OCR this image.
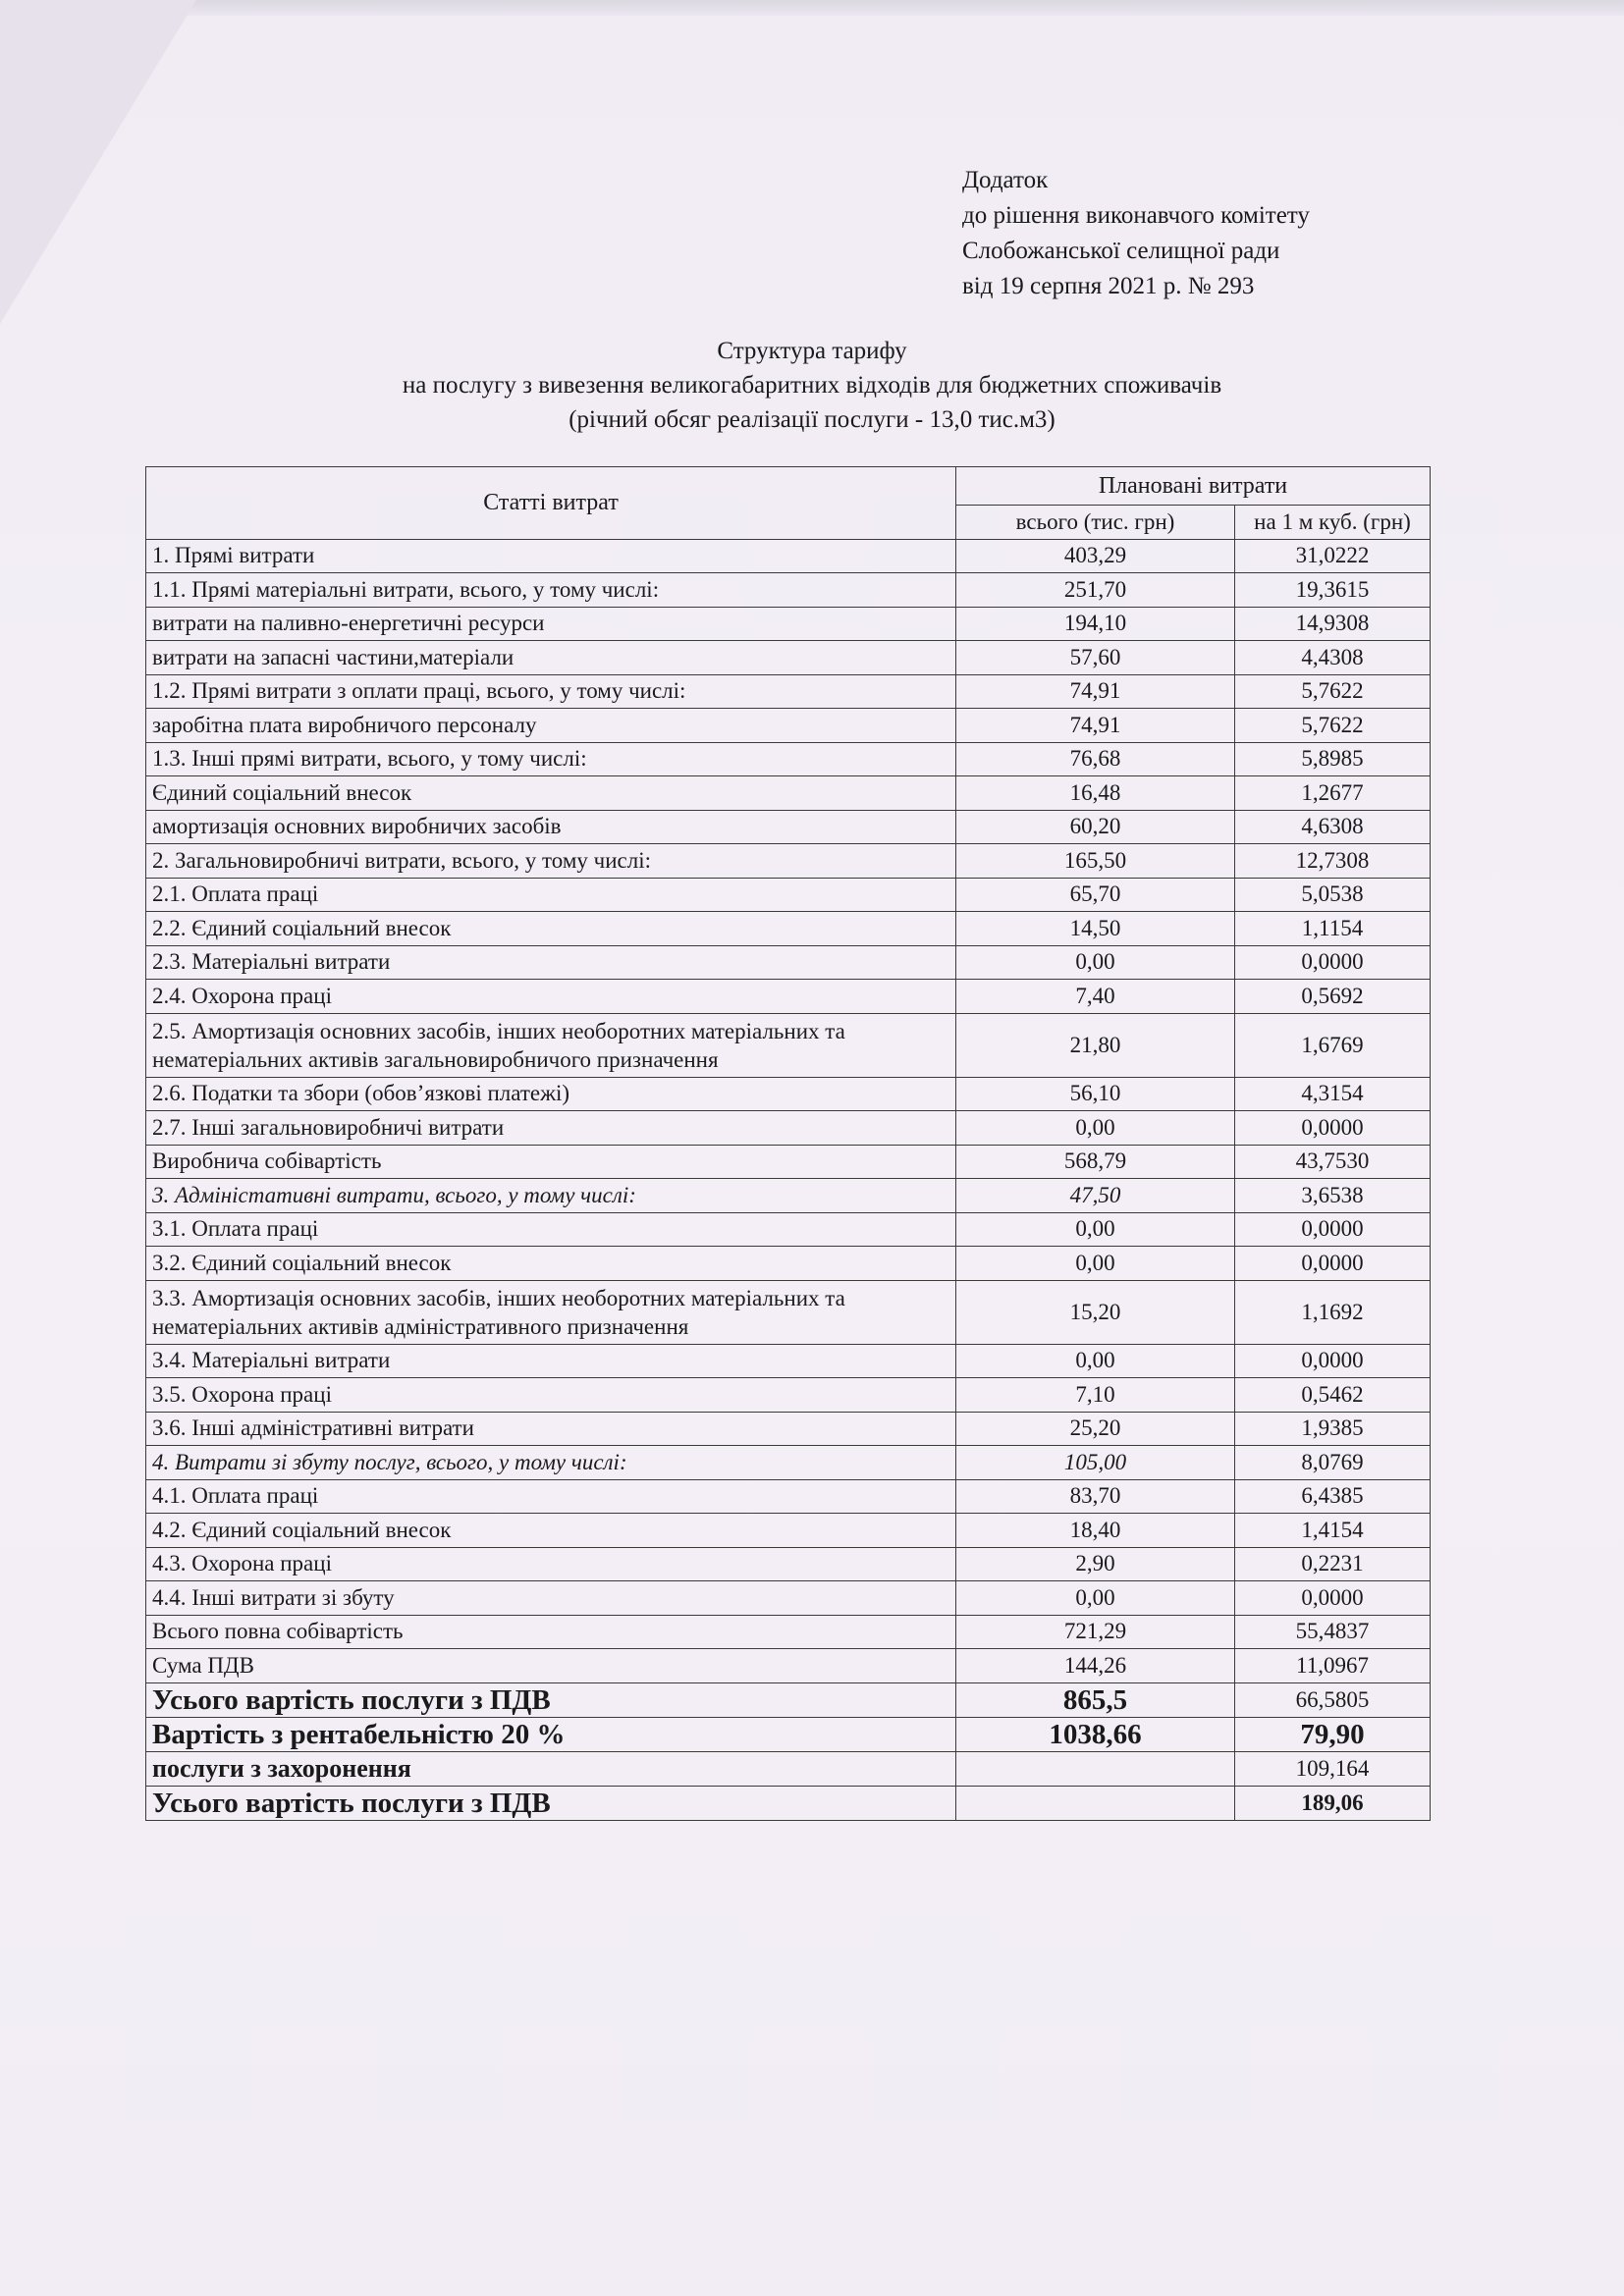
Додаток
до рішення виконавчого комітету
Слобожанської селищної ради
від 19 серпня 2021 р. № 293
Структура тарифу
на послугу з вивезення великогабаритних відходів для бюджетних споживачів
(річний обсяг реалізації послуги - 13,0 тис.м3)
Статті витрат	Плановані витрати	
	всього (тис. грн)	на 1 м куб. (грн)
1. Прямі витрати	403,29	31,0222
1.1. Прямі матеріальні витрати, всього, у тому числі:	251,70	19,3615
витрати на паливно-енергетичні ресурси	194,10	14,9308
витрати на запасні частини,матеріали	57,60	4,4308
1.2. Прямі витрати з оплати праці, всього, у тому числі:	74,91	5,7622
заробітна плата виробничого персоналу	74,91	5,7622
1.3. Інші прямі витрати, всього, у тому числі:	76,68	5,8985
Єдиний соціальний внесок	16,48	1,2677
амортизація основних виробничих засобів	60,20	4,6308
2. Загальновиробничі витрати, всього, у тому числі:	165,50	12,7308
2.1. Оплата праці	65,70	5,0538
2.2. Єдиний соціальний внесок	14,50	1,1154
2.3. Матеріальні витрати	0,00	0,0000
2.4. Охорона праці	7,40	0,5692
2.5. Амортизація основних засобів, інших необоротних матеріальних та
нематеріальних активів загальновиробничого призначення	21,80	1,6769
2.6. Податки та збори (обов’язкові платежі)	56,10	4,3154
2.7. Інші загальновиробничі витрати	0,00	0,0000
Виробнича собівартість	568,79	43,7530
3. Адміністативні витрати, всього, у тому числі:	47,50	3,6538
3.1. Оплата праці	0,00	0,0000
3.2. Єдиний соціальний внесок	0,00	0,0000
3.3. Амортизація основних засобів, інших необоротних матеріальних та
нематеріальних активів адміністративного призначення	15,20	1,1692
3.4. Матеріальні витрати	0,00	0,0000
3.5. Охорона праці	7,10	0,5462
3.6. Інші адміністративні витрати	25,20	1,9385
4. Витрати зі збуту послуг, всього, у тому числі:	105,00	8,0769
4.1. Оплата праці	83,70	6,4385
4.2. Єдиний соціальний внесок	18,40	1,4154
4.3. Охорона праці	2,90	0,2231
4.4. Інші витрати зі збуту	0,00	0,0000
Всього повна собівартість	721,29	55,4837
Сума ПДВ	144,26	11,0967
Усього вартість послуги з ПДВ	865,5	66,5805
Вартість з рентабельністю 20 %	1038,66	79,90
послуги з захоронення		109,164
Усього вартість послуги з ПДВ		189,06
